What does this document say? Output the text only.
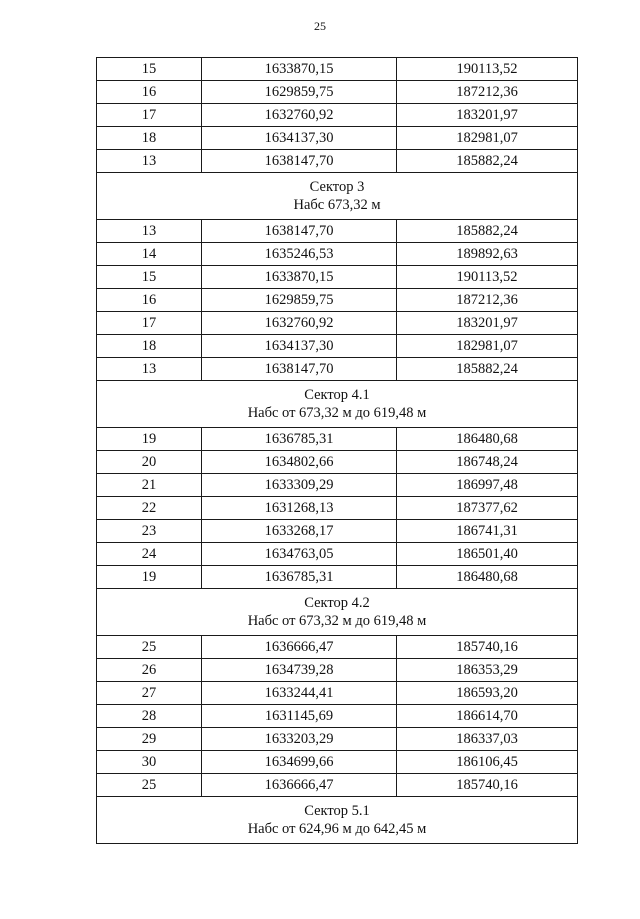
25
15	1633870,15	190113,52
16	1629859,75	187212,36
17	1632760,92	183201,97
18	1634137,30	182981,07
13	1638147,70	185882,24

Сектор 3
Набс 673,32 м		

13	1638147,70	185882,24
14	1635246,53	189892,63
15	1633870,15	190113,52
16	1629859,75	187212,36
17	1632760,92	183201,97
18	1634137,30	182981,07
13	1638147,70	185882,24

Сектор 4.1
Набс от 673,32 м до 619,48 м		

19	1636785,31	186480,68
20	1634802,66	186748,24
21	1633309,29	186997,48
22	1631268,13	187377,62
23	1633268,17	186741,31
24	1634763,05	186501,40
19	1636785,31	186480,68

Сектор 4.2
Набс от 673,32 м до 619,48 м		

25	1636666,47	185740,16
26	1634739,28	186353,29
27	1633244,41	186593,20
28	1631145,69	186614,70
29	1633203,29	186337,03
30	1634699,66	186106,45
25	1636666,47	185740,16

Сектор 5.1
Набс от 624,96 м до 642,45 м		
